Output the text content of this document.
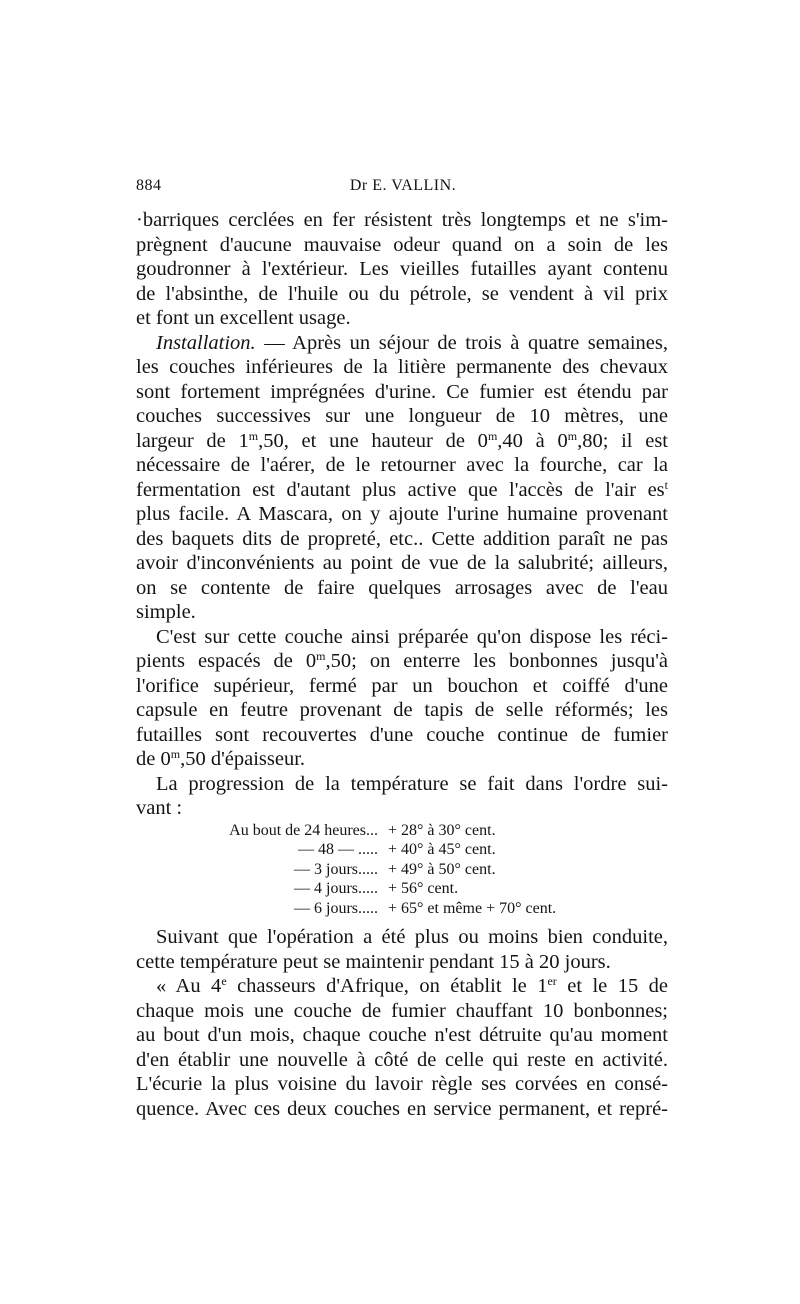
884	Dr E. VALLIN.
·barriques cerclées en fer résistent très longtemps et ne s'im-
prègnent d'aucune mauvaise odeur quand on a soin de les
goudronner à l'extérieur. Les vieilles futailles ayant contenu
de l'absinthe, de l'huile ou du pétrole, se vendent à vil prix
et font un excellent usage.
Installation. — Après un séjour de trois à quatre semaines,
les couches inférieures de la litière permanente des chevaux
sont fortement imprégnées d'urine. Ce fumier est étendu par
couches successives sur une longueur de 10 mètres, une
largeur de 1$^m$,50, et une hauteur de 0$^m$,40 à 0$^m$,80; il est
nécessaire de l'aérer, de le retourner avec la fourche, car la
fermentation est d'autant plus active que l'accès de l'air $es^t$
plus facile. A Mascara, on y ajoute l'urine humaine provenant
des baquets dits de propreté, etc.. Cette addition paraît ne pas
avoir d'inconvénients au point de vue de la salubrité; ailleurs,
on se contente de faire quelques arrosages avec de l'eau
simple.
C'est sur cette couche ainsi préparée qu'on dispose les réci-
pients espacés de 0$^m$,50; on enterre les bonbonnes jusqu'à
l'orifice supérieur, fermé par un bouchon et coiffé d'une
capsule en feutre provenant de tapis de selle réformés; les
futailles sont recouvertes d'une couche continue de fumier
de 0$^m$,50 d'épaisseur.
La progression de la température se fait dans l'ordre sui-
vant :
Au bout de 24 heures... + 28° à 30° cent.
— 48 — ..... + 40° à 45° cent.
— 3 jours..... + 49° à 50° cent.
— 4 jours..... + 56° cent.
— 6 jours..... + 65° et même + 70° cent.
Suivant que l'opération a été plus ou moins bien conduite,
cette température peut se maintenir pendant 15 à 20 jours.
« Au 4e chasseurs d'Afrique, on établit le 1er et le 15 de
chaque mois une couche de fumier chauffant 10 bonbonnes;
au bout d'un mois, chaque couche n'est détruite qu'au moment
d'en établir une nouvelle à côté de celle qui reste en activité.
L'écurie la plus voisine du lavoir règle ses corvées en consé-
quence. Avec ces deux couches en service permanent, et repré-
